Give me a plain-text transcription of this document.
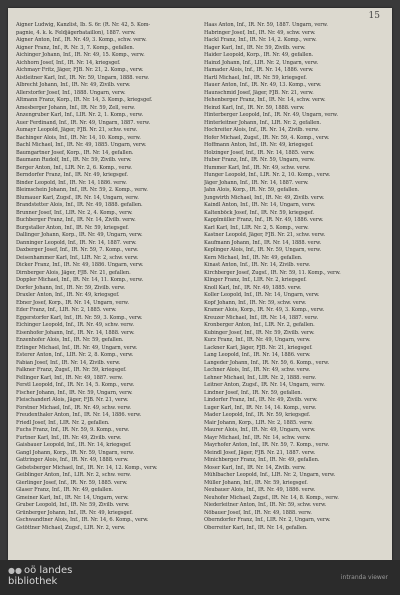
15
Aigner Ludwig, Kanzlist, Ib. S. 6r. (R. Nr. 42, 5. Kom-
pagnie, 4. k. k. Feldjägerbataillon), 1887. verw.
Aigner Anton, Inf., IR. Nr. 49, 3. Komp., schw. verw.
Aigner Franz, Inf., R. Nr. 3, 7. Komp., gefallen.
Aichinger Johann, Inf., IR. Nr. 49, 15. Komp., verw.
Aichhorn Josef, Inf., IR. Nr. 14, kriegsgef.
Aichmayr Fritz, Jäger, FJB. Nr. 21, 2. Komp., verw.
Aistleitner Karl, Inf., IR. Nr. 59, Ungarn, 1888. verw.
Albrecht Johann, Inf., IR. Nr. 49, Zivilb. verw.
Allerstorfer Josef, Inf., 1888. Ungarn, verw.
Altmann Franz, Korp., IR. Nr. 14, 3. Komp., kriegsgef.
Amesberger Johann, Inf., IR. Nr. 59, Zell, verw.
Anzengruber Karl, Inf., LIR. Nr. 2, 1. Komp., verw.
Auer Ferdinand, Inf., IR. Nr. 49, Ungarn, 1887. verw.
Aumayr Leopold, Jäger, FJB. Nr. 21, schw. verw.
Bachinger Alois, Inf., IR. Nr. 14, 10. Komp., verw.
Bachl Michael, Inf., IR. Nr. 49, 1885. Ungarn, verw.
Baumgartner Josef, Korp., IR. Nr. 14, gefallen.
Baumann Rudolf, Inf., IR. Nr. 59, Zivilb. verw.
Berger Anton, Inf., LIR. Nr. 2, 6. Komp., verw.
Berndorfer Franz, Inf., IR. Nr. 49, kriegsgef.
Binder Leopold, Inf., IR. Nr. 14, 1886. verw.
Bleimschein Johann, Inf., IR. Nr. 59, 2. Komp., verw.
Blumauer Karl, Zugsf., IR. Nr. 14, Ungarn, verw.
Brandstetter Alois, Inf., IR. Nr. 49, 1888. gefallen.
Brunner Josef, Inf., LIR. Nr. 2, 4. Komp., verw.
Buchberger Franz, Inf., IR. Nr. 14, Zivilb. verw.
Burgstaller Anton, Inf., IR. Nr. 59, kriegsgef.
Dallinger Johann, Korp., IR. Nr. 49, Ungarn, verw.
Danninger Leopold, Inf., IR. Nr. 14, 1887. verw.
Daxberger Josef, Inf., IR. Nr. 59, 7. Komp., verw.
Deisenhammer Karl, Inf., LIR. Nr. 2, schw. verw.
Dicker Franz, Inf., IR. Nr. 49, 1886. Ungarn, verw.
Dirnberger Alois, Jäger, FJB. Nr. 21, gefallen.
Doppler Michael, Inf., IR. Nr. 14, 11. Komp., verw.
Dorfer Johann, Inf., IR. Nr. 59, Zivilb. verw.
Draxler Anton, Inf., IR. Nr. 49, kriegsgef.
Ebner Josef, Korp., IR. Nr. 14, Ungarn, verw.
Eder Franz, Inf., LIR. Nr. 2, 1885. verw.
Eggerstorfer Karl, Inf., IR. Nr. 59, 3. Komp., verw.
Eichinger Leopold, Inf., IR. Nr. 49, schw. verw.
Eisenhofer Johann, Inf., IR. Nr. 14, 1888. verw.
Enzenhofer Alois, Inf., IR. Nr. 59, gefallen.
Erlinger Michael, Inf., IR. Nr. 49, Ungarn, verw.
Esterer Anton, Inf., LIR. Nr. 2, 8. Komp., verw.
Fabian Josef, Inf., IR. Nr. 14, Zivilb. verw.
Falkner Franz, Zugsf., IR. Nr. 59, kriegsgef.
Fellinger Karl, Inf., IR. Nr. 49, 1887. verw.
Ferstl Leopold, Inf., IR. Nr. 14, 5. Komp., verw.
Fischer Johann, Inf., IR. Nr. 59, Ungarn, verw.
Fleischanderl Alois, Jäger, FJB. Nr. 21, verw.
Forstner Michael, Inf., IR. Nr. 49, schw. verw.
Freudenthaler Anton, Inf., IR. Nr. 14, 1886. verw.
Friedl Josef, Inf., LIR. Nr. 2, gefallen.
Fuchs Franz, Inf., IR. Nr. 59, 9. Komp., verw.
Furtner Karl, Inf., IR. Nr. 49, Zivilb. verw.
Gaisbauer Leopold, Inf., IR. Nr. 14, kriegsgef.
Gangl Johann, Korp., IR. Nr. 59, Ungarn, verw.
Gattringer Alois, Inf., IR. Nr. 49, 1888. verw.
Gebetsberger Michael, Inf., IR. Nr. 14, 12. Komp., verw.
Geiblinger Anton, Inf., LIR. Nr. 2, schw. verw.
Gierlinger Josef, Inf., IR. Nr. 59, 1885. verw.
Glaser Franz, Inf., IR. Nr. 49, gefallen.
Gmeiner Karl, Inf., IR. Nr. 14, Ungarn, verw.
Gruber Leopold, Inf., IR. Nr. 59, Zivilb. verw.
Grünberger Johann, Inf., IR. Nr. 49, kriegsgef.
Gschwandtner Alois, Inf., IR. Nr. 14, 6. Komp., verw.
Gstöttner Michael, Zugsf., LIR. Nr. 2, verw.
Haas Anton, Inf., IR. Nr. 59, 1887. Ungarn, verw.
Habringer Josef, Inf., IR. Nr. 49, schw. verw.
Hackl Franz, Inf., IR. Nr. 14, 2. Komp., verw.
Hager Karl, Inf., IR. Nr. 59, Zivilb. verw.
Haider Leopold, Korp., IR. Nr. 49, gefallen.
Hainzl Johann, Inf., LIR. Nr. 2, Ungarn, verw.
Hamader Alois, Inf., IR. Nr. 14, 1886. verw.
Hartl Michael, Inf., IR. Nr. 59, kriegsgef.
Hauer Anton, Inf., IR. Nr. 49, 13. Komp., verw.
Haunschmid Josef, Jäger, FJB. Nr. 21, verw.
Hehenberger Franz, Inf., IR. Nr. 14, schw. verw.
Heinzl Karl, Inf., IR. Nr. 59, 1888. verw.
Hinterberger Leopold, Inf., IR. Nr. 49, Ungarn, verw.
Hinterleitner Johann, Inf., LIR. Nr. 2, gefallen.
Hochreiter Alois, Inf., IR. Nr. 14, Zivilb. verw.
Hofer Michael, Zugsf., IR. Nr. 59, 4. Komp., verw.
Hoffmann Anton, Inf., IR. Nr. 49, kriegsgef.
Holzinger Josef, Inf., IR. Nr. 14, 1885. verw.
Huber Franz, Inf., IR. Nr. 59, Ungarn, verw.
Hummer Karl, Inf., IR. Nr. 49, schw. verw.
Hunger Leopold, Inf., LIR. Nr. 2, 10. Komp., verw.
Jäger Johann, Inf., IR. Nr. 14, 1887. verw.
Jahn Alois, Korp., IR. Nr. 59, gefallen.
Jungwirth Michael, Inf., IR. Nr. 49, Zivilb. verw.
Kaindl Anton, Inf., IR. Nr. 14, Ungarn, verw.
Kaltenböck Josef, Inf., IR. Nr. 59, kriegsgef.
Kapplmüller Franz, Inf., IR. Nr. 49, 1886. verw.
Karl Karl, Inf., LIR. Nr. 2, 5. Komp., verw.
Kastner Leopold, Jäger, FJB. Nr. 21, schw. verw.
Kaufmann Johann, Inf., IR. Nr. 14, 1888. verw.
Keplinger Alois, Inf., IR. Nr. 59, Ungarn, verw.
Kern Michael, Inf., IR. Nr. 49, gefallen.
Kinast Anton, Inf., IR. Nr. 14, Zivilb. verw.
Kirchberger Josef, Zugsf., IR. Nr. 59, 11. Komp., verw.
Klinger Franz, Inf., LIR. Nr. 2, kriegsgef.
Knoll Karl, Inf., IR. Nr. 49, 1885. verw.
Koller Leopold, Inf., IR. Nr. 14, Ungarn, verw.
Kopf Johann, Inf., IR. Nr. 59, schw. verw.
Kramer Alois, Korp., IR. Nr. 49, 3. Komp., verw.
Kreuzer Michael, Inf., IR. Nr. 14, 1887. verw.
Kronberger Anton, Inf., LIR. Nr. 2, gefallen.
Kubinger Josef, Inf., IR. Nr. 59, Zivilb. verw.
Kurz Franz, Inf., IR. Nr. 49, Ungarn, verw.
Lackner Karl, Jäger, FJB. Nr. 21, kriegsgef.
Lang Leopold, Inf., IR. Nr. 14, 1886. verw.
Langeder Johann, Inf., IR. Nr. 59, 6. Komp., verw.
Lechner Alois, Inf., IR. Nr. 49, schw. verw.
Lehner Michael, Inf., LIR. Nr. 2, 1888. verw.
Leitner Anton, Zugsf., IR. Nr. 14, Ungarn, verw.
Lindner Josef, Inf., IR. Nr. 59, gefallen.
Lindorfer Franz, Inf., IR. Nr. 49, Zivilb. verw.
Luger Karl, Inf., IR. Nr. 14, 14. Komp., verw.
Mader Leopold, Inf., IR. Nr. 59, kriegsgef.
Mair Johann, Korp., LIR. Nr. 2, 1885. verw.
Maurer Alois, Inf., IR. Nr. 49, Ungarn, verw.
Mayr Michael, Inf., IR. Nr. 14, schw. verw.
Mayrhofer Anton, Inf., IR. Nr. 59, 7. Komp., verw.
Meindl Josef, Jäger, FJB. Nr. 21, 1887. verw.
Minichberger Franz, Inf., IR. Nr. 49, gefallen.
Moser Karl, Inf., IR. Nr. 14, Zivilb. verw.
Mühlbacher Leopold, Inf., LIR. Nr. 2, Ungarn, verw.
Müller Johann, Inf., IR. Nr. 59, kriegsgef.
Neubauer Alois, Inf., IR. Nr. 49, 1886. verw.
Neuhofer Michael, Zugsf., IR. Nr. 14, 8. Komp., verw.
Niederleitner Anton, Inf., IR. Nr. 59, schw. verw.
Nöbauer Josef, Inf., IR. Nr. 49, 1888. verw.
Oberndorfer Franz, Inf., LIR. Nr. 2, Ungarn, verw.
Oberreiter Karl, Inf., IR. Nr. 14, gefallen.
●● oö landes
bibliothek	intranda viewer
